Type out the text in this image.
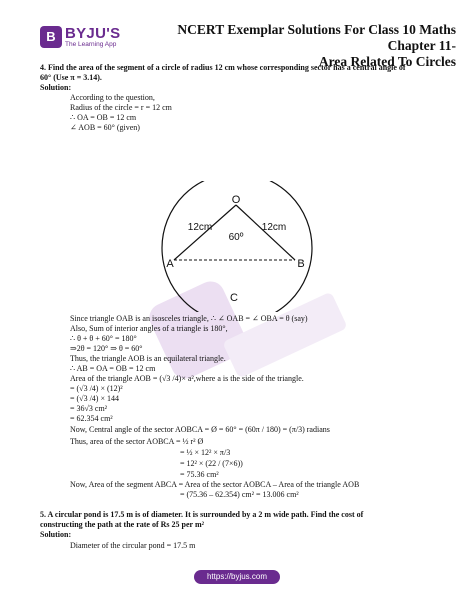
B BYJU'S
The Learning App
NCERT Exemplar Solutions For Class 10 Maths Chapter 11-
Area Related To Circles
4. Find the area of the segment of a circle of radius 12 cm whose corresponding sector has a central angle of
60° (Use π = 3.14).
Solution:
According to the question,
Radius of the circle = r = 12 cm
∴ OA = OB = 12 cm
∠ AOB = 60° (given)
O
A	B
C
12cm	12cm
60º
Since triangle OAB is an isosceles triangle, ∴ ∠ OAB = ∠ OBA = θ (say)
Also, Sum of interior angles of a triangle is 180°,
∴ θ + θ + 60° = 180°
⇒2θ = 120° ⇒ θ = 60°
Thus, the triangle AOB is an equilateral triangle.
∴ AB = OA = OB = 12 cm
Area of the triangle AOB = (√3 /4)× a²,where a is the side of the triangle.
= (√3 /4) × (12)²
= (√3 /4) × 144
= 36√3 cm²
= 62.354 cm²
Now, Central angle of the sector AOBCA = Ø = 60° = (60π / 180) = (π/3) radians
Thus, area of the sector AOBCA = ½ r² Ø
= ½ × 12² × π/3
= 12² × (22 / (7×6))
= 75.36 cm²
Now, Area of the segment ABCA = Area of the sector AOBCA – Area of the triangle AOB
= (75.36 – 62.354) cm² = 13.006 cm²
5. A circular pond is 17.5 m is of diameter. It is surrounded by a 2 m wide path. Find the cost of
constructing the path at the rate of Rs 25 per m²
Solution:
Diameter of the circular pond = 17.5 m
https://byjus.com
